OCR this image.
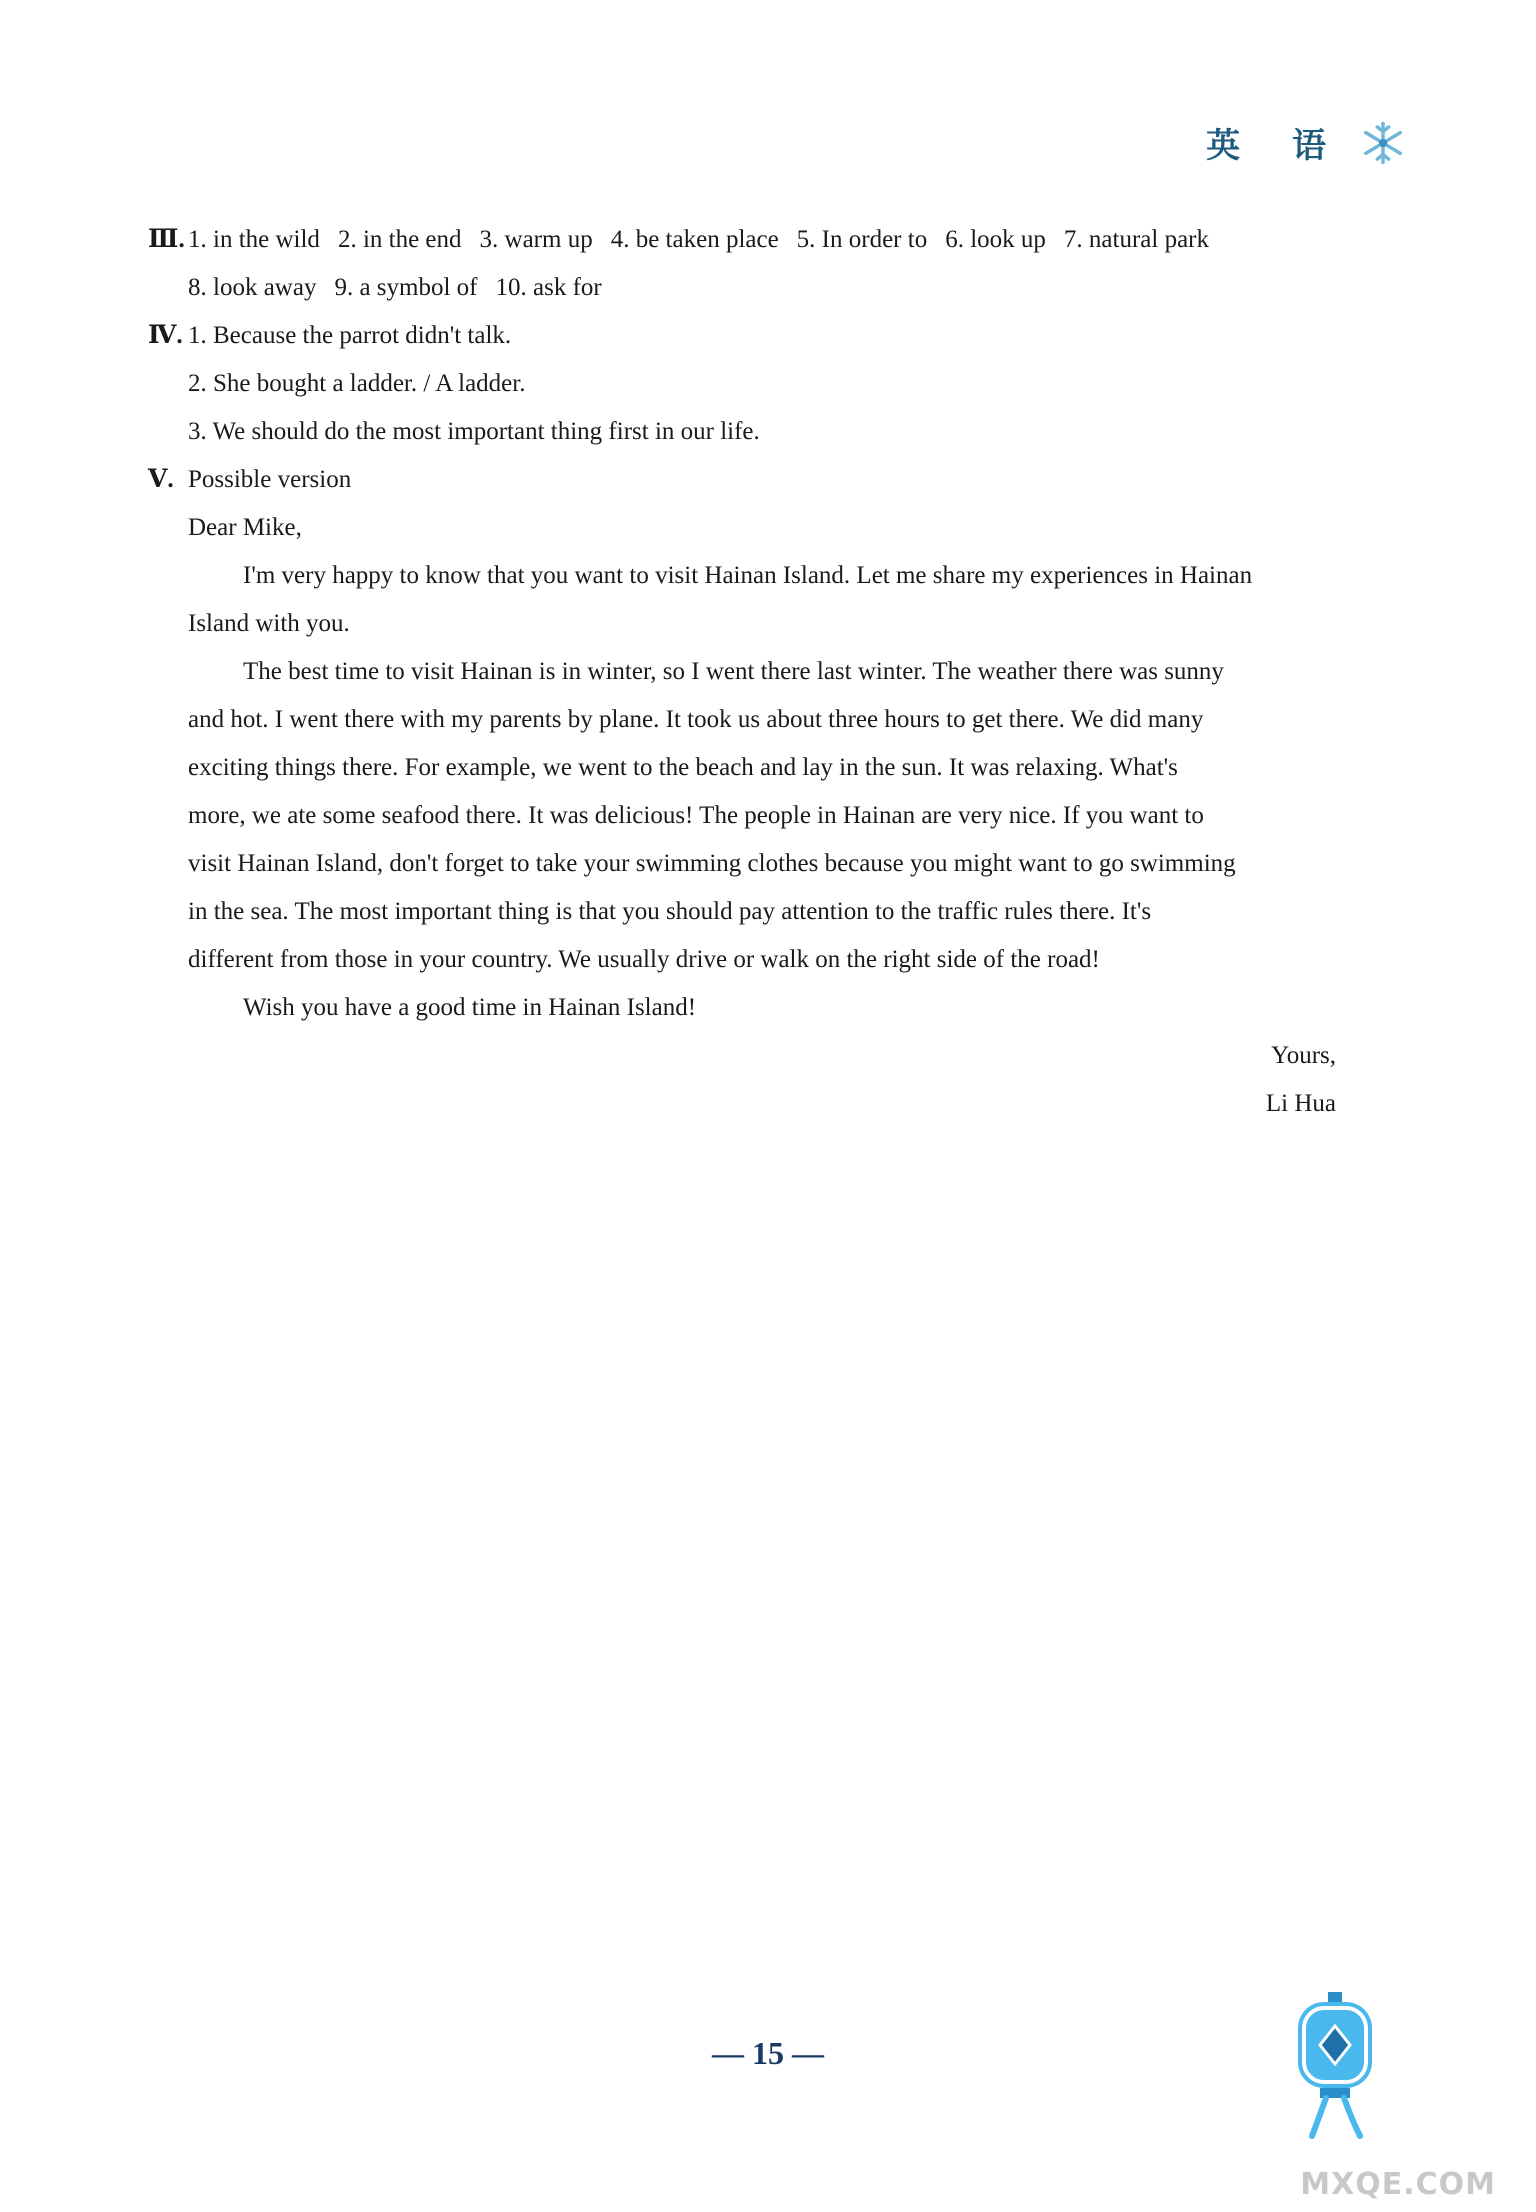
英 语
Ⅲ. 1. in the wild 2. in the end 3. warm up 4. be taken place 5. In order to 6. look up 7. natural park
8. look away 9. a symbol of 10. ask for
Ⅳ. 1. Because the parrot didn't talk.
2. She bought a ladder. / A ladder.
3. We should do the most important thing first in our life.
Ⅴ. Possible version
Dear Mike,
I'm very happy to know that you want to visit Hainan Island. Let me share my experiences in Hainan
Island with you.
The best time to visit Hainan is in winter, so I went there last winter. The weather there was sunny
and hot. I went there with my parents by plane. It took us about three hours to get there. We did many
exciting things there. For example, we went to the beach and lay in the sun. It was relaxing. What's
more, we ate some seafood there. It was delicious! The people in Hainan are very nice. If you want to
visit Hainan Island, don't forget to take your swimming clothes because you might want to go swimming
in the sea. The most important thing is that you should pay attention to the traffic rules there. It's
different from those in your country. We usually drive or walk on the right side of the road!
Wish you have a good time in Hainan Island!
Yours,
Li Hua
— 15 —
MXQE.COM
